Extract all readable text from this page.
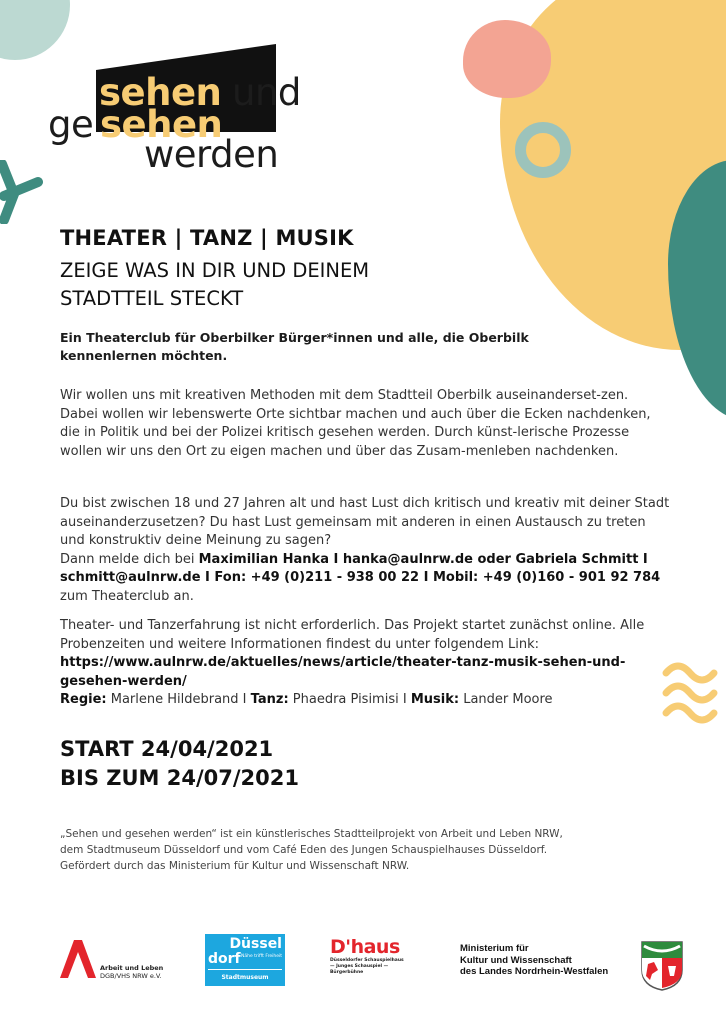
sehen und
ge sehen
werden
THEATER | TANZ | MUSIK
ZEIGE WAS IN DIR UND DEINEM
STADTTEIL STECKT
Ein Theaterclub für Oberbilker Bürger*innen und alle, die Oberbilk kennenlernen möchten.
Wir wollen uns mit kreativen Methoden mit dem Stadtteil Oberbilk auseinanderset-zen. Dabei wollen wir lebenswerte Orte sichtbar machen und auch über die Ecken nachdenken, die in Politik und bei der Polizei kritisch gesehen werden. Durch künst-lerische Prozesse wollen wir uns den Ort zu eigen machen und über das Zusam-menleben nachdenken.
Du bist zwischen 18 und 27 Jahren alt und hast Lust dich kritisch und kreativ mit deiner Stadt auseinanderzusetzen? Du hast Lust gemeinsam mit anderen in einen Austausch zu treten und konstruktiv deine Meinung zu sagen?
Dann melde dich bei Maximilian Hanka I hanka@aulnrw.de oder Gabriela Schmitt I schmitt@aulnrw.de I Fon: +49 (0)211 - 938 00 22 I Mobil: +49 (0)160 - 901 92 784
zum Theaterclub an.
Theater- und Tanzerfahrung ist nicht erforderlich. Das Projekt startet zunächst online. Alle Probenzeiten und weitere Informationen findest du unter folgendem Link: https://www.aulnrw.de/aktuelles/news/article/theater-tanz-musik-sehen-und-gesehen-werden/
Regie: Marlene Hildebrand I Tanz: Phaedra Pisimisi I Musik: Lander Moore
START 24/04/2021
BIS ZUM 24/07/2021
„Sehen und gesehen werden“ ist ein künstlerisches Stadtteilprojekt von Arbeit und Leben NRW,
dem Stadtmuseum Düsseldorf und vom Café Eden des Jungen Schauspielhauses Düsseldorf.
Gefördert durch das Ministerium für Kultur und Wissenschaft NRW.
Arbeit und Leben
DGB/VHS NRW e.V.
Düssel
dorf Nähe trifft Freiheit
Stadtmuseum
D'haus
Düsseldorfer Schauspielhaus
— Junges Schauspiel —
Bürgerbühne
Ministerium für
Kultur und Wissenschaft
des Landes Nordrhein-Westfalen
